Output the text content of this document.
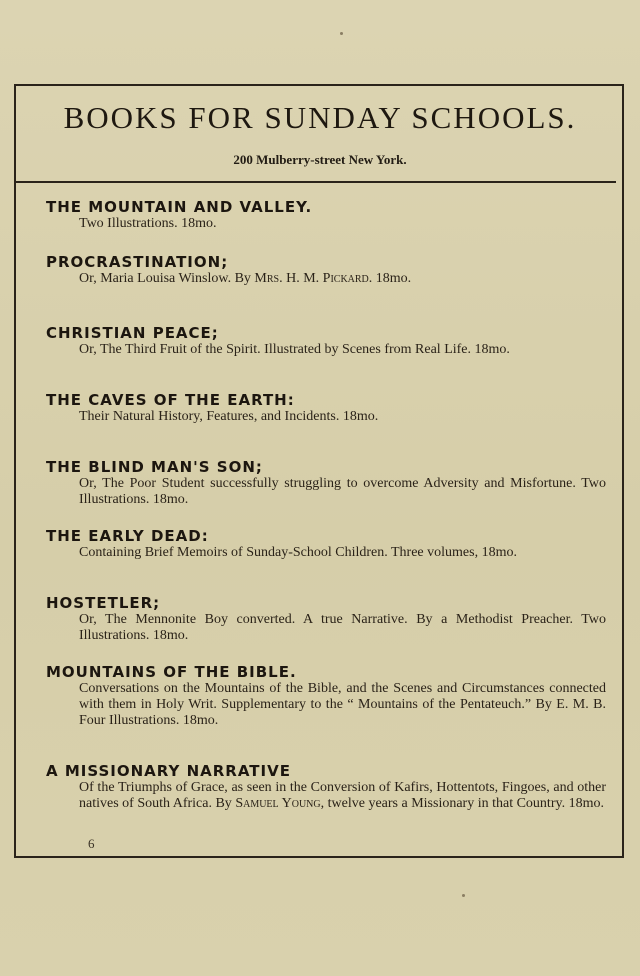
BOOKS FOR SUNDAY SCHOOLS.
200 Mulberry-street New York.
THE MOUNTAIN AND VALLEY.
Two Illustrations. 18mo.
PROCRASTINATION;
Or, Maria Louisa Winslow. By Mrs. H. M. Pickard. 18mo.
CHRISTIAN PEACE;
Or, The Third Fruit of the Spirit. Illustrated by Scenes from Real Life. 18mo.
THE CAVES OF THE EARTH:
Their Natural History, Features, and Incidents. 18mo.
THE BLIND MAN'S SON;
Or, The Poor Student successfully struggling to overcome Adversity and Misfortune. Two Illustrations. 18mo.
THE EARLY DEAD:
Containing Brief Memoirs of Sunday-School Children. Three volumes, 18mo.
HOSTETLER;
Or, The Mennonite Boy converted. A true Narrative. By a Methodist Preacher. Two Illustrations. 18mo.
MOUNTAINS OF THE BIBLE.
Conversations on the Mountains of the Bible, and the Scenes and Circumstances connected with them in Holy Writ. Supplementary to the “ Mountains of the Pentateuch.” By E. M. B. Four Illustrations. 18mo.
A MISSIONARY NARRATIVE
Of the Triumphs of Grace, as seen in the Conversion of Kafirs, Hottentots, Fingoes, and other natives of South Africa. By Samuel Young, twelve years a Missionary in that Country. 18mo.
6
